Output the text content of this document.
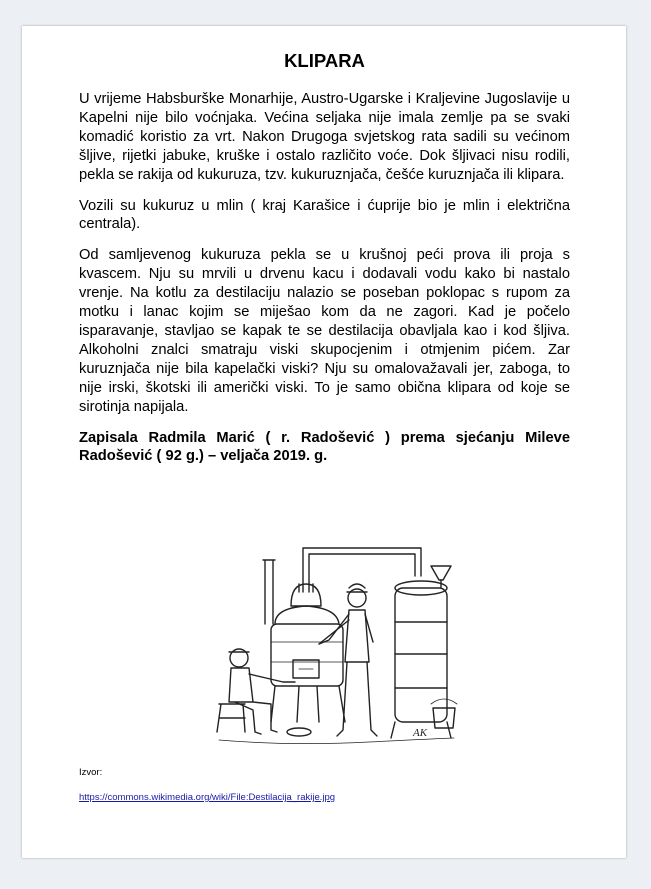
KLIPARA

U vrijeme Habsburške Monarhije, Austro-Ugarske i Kraljevine Jugoslavije u Kapelni nije bilo voćnjaka. Većina seljaka nije imala zemlje pa se svaki komadić koristio za vrt. Nakon Drugoga svjetskog rata sadili su većinom šljive, rijetki jabuke, kruške i ostalo različito voće. Dok šljivaci nisu rodili, pekla se rakija od kukuruza, tzv. kukuruznjača, češće kuruznjača ili klipara.

Vozili su kukuruz u mlin ( kraj Karašice i ćuprije bio je mlin i električna centrala).

Od samljevenog kukuruza pekla se u krušnoj peći prova ili proja s kvascem. Nju su mrvili u drvenu kacu i dodavali vodu kako bi nastalo vrenje. Na kotlu za destilaciju nalazio se poseban poklopac s rupom za motku i lanac kojim se miješao kom da ne zagori. Kad je počelo isparavanje, stavljao se kapak te se destilacija obavljala kao i kod šljiva. Alkoholni znalci smatraju viski skupocjenim i otmjenim pićem. Zar kuruznjača nije bila kapelački viski? Nju su omalovažavali jer, zaboga, to nije irski, škotski ili američki viski. To je samo obična klipara od koje se sirotinja napijala.

Zapisala Radmila Marić ( r. Radošević ) prema sjećanju Mileve Radošević ( 92 g.) – veljača 2019. g.

AK
Izvor:
https://commons.wikimedia.org/wiki/File:Destilacija_rakije.jpg
